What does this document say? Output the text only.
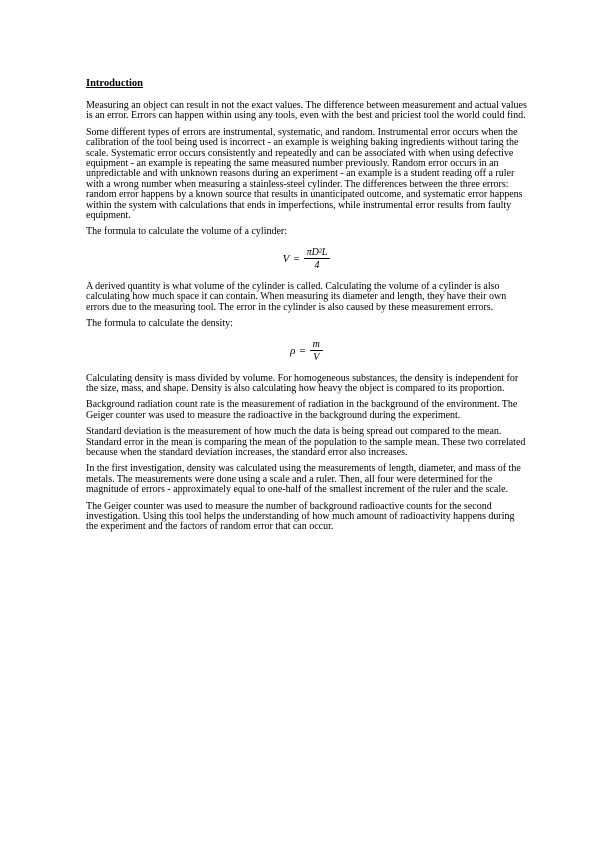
Introduction

Measuring an object can result in not the exact values. The difference between measurement and actual values is an error. Errors can happen within using any tools, even with the best and priciest tool the world could find.

Some different types of errors are instrumental, systematic, and random. Instrumental error occurs when the calibration of the tool being used is incorrect - an example is weighing baking ingredients without taring the scale. Systematic error occurs consistently and repeatedly and can be associated with when using defective equipment - an example is repeating the same measured number previously. Random error occurs in an unpredictable and with unknown reasons during an experiment - an example is a student reading off a ruler with a wrong number when measuring a stainless-steel cylinder. The differences between the three errors: random error happens by a known source that results in unanticipated outcome, and systematic error happens within the system with calculations that ends in imperfections, while instrumental error results from faulty equipment.

The formula to calculate the volume of a cylinder:

$V = \frac{\text{πD²L}}{4}$

A derived quantity is what volume of the cylinder is called. Calculating the volume of a cylinder is also calculating how much space it can contain. When measuring its diameter and length, they have their own errors due to the measuring tool. The error in the cylinder is also caused by these measurement errors.

The formula to calculate the density:

$\rho = \frac{m}{V}$

Calculating density is mass divided by volume. For homogeneous substances, the density is independent for the size, mass, and shape. Density is also calculating how heavy the object is compared to its proportion.

Background radiation count rate is the measurement of radiation in the background of the environment. The Geiger counter was used to measure the radioactive in the background during the experiment.

Standard deviation is the measurement of how much the data is being spread out compared to the mean. Standard error in the mean is comparing the mean of the population to the sample mean. These two correlated because when the standard deviation increases, the standard error also increases.

In the first investigation, density was calculated using the measurements of length, diameter, and mass of the metals. The measurements were done using a scale and a ruler. Then, all four were determined for the magnitude of errors - approximately equal to one-half of the smallest increment of the ruler and the scale.

The Geiger counter was used to measure the number of background radioactive counts for the second investigation. Using this tool helps the understanding of how much amount of radioactivity happens during the experiment and the factors of random error that can occur.
